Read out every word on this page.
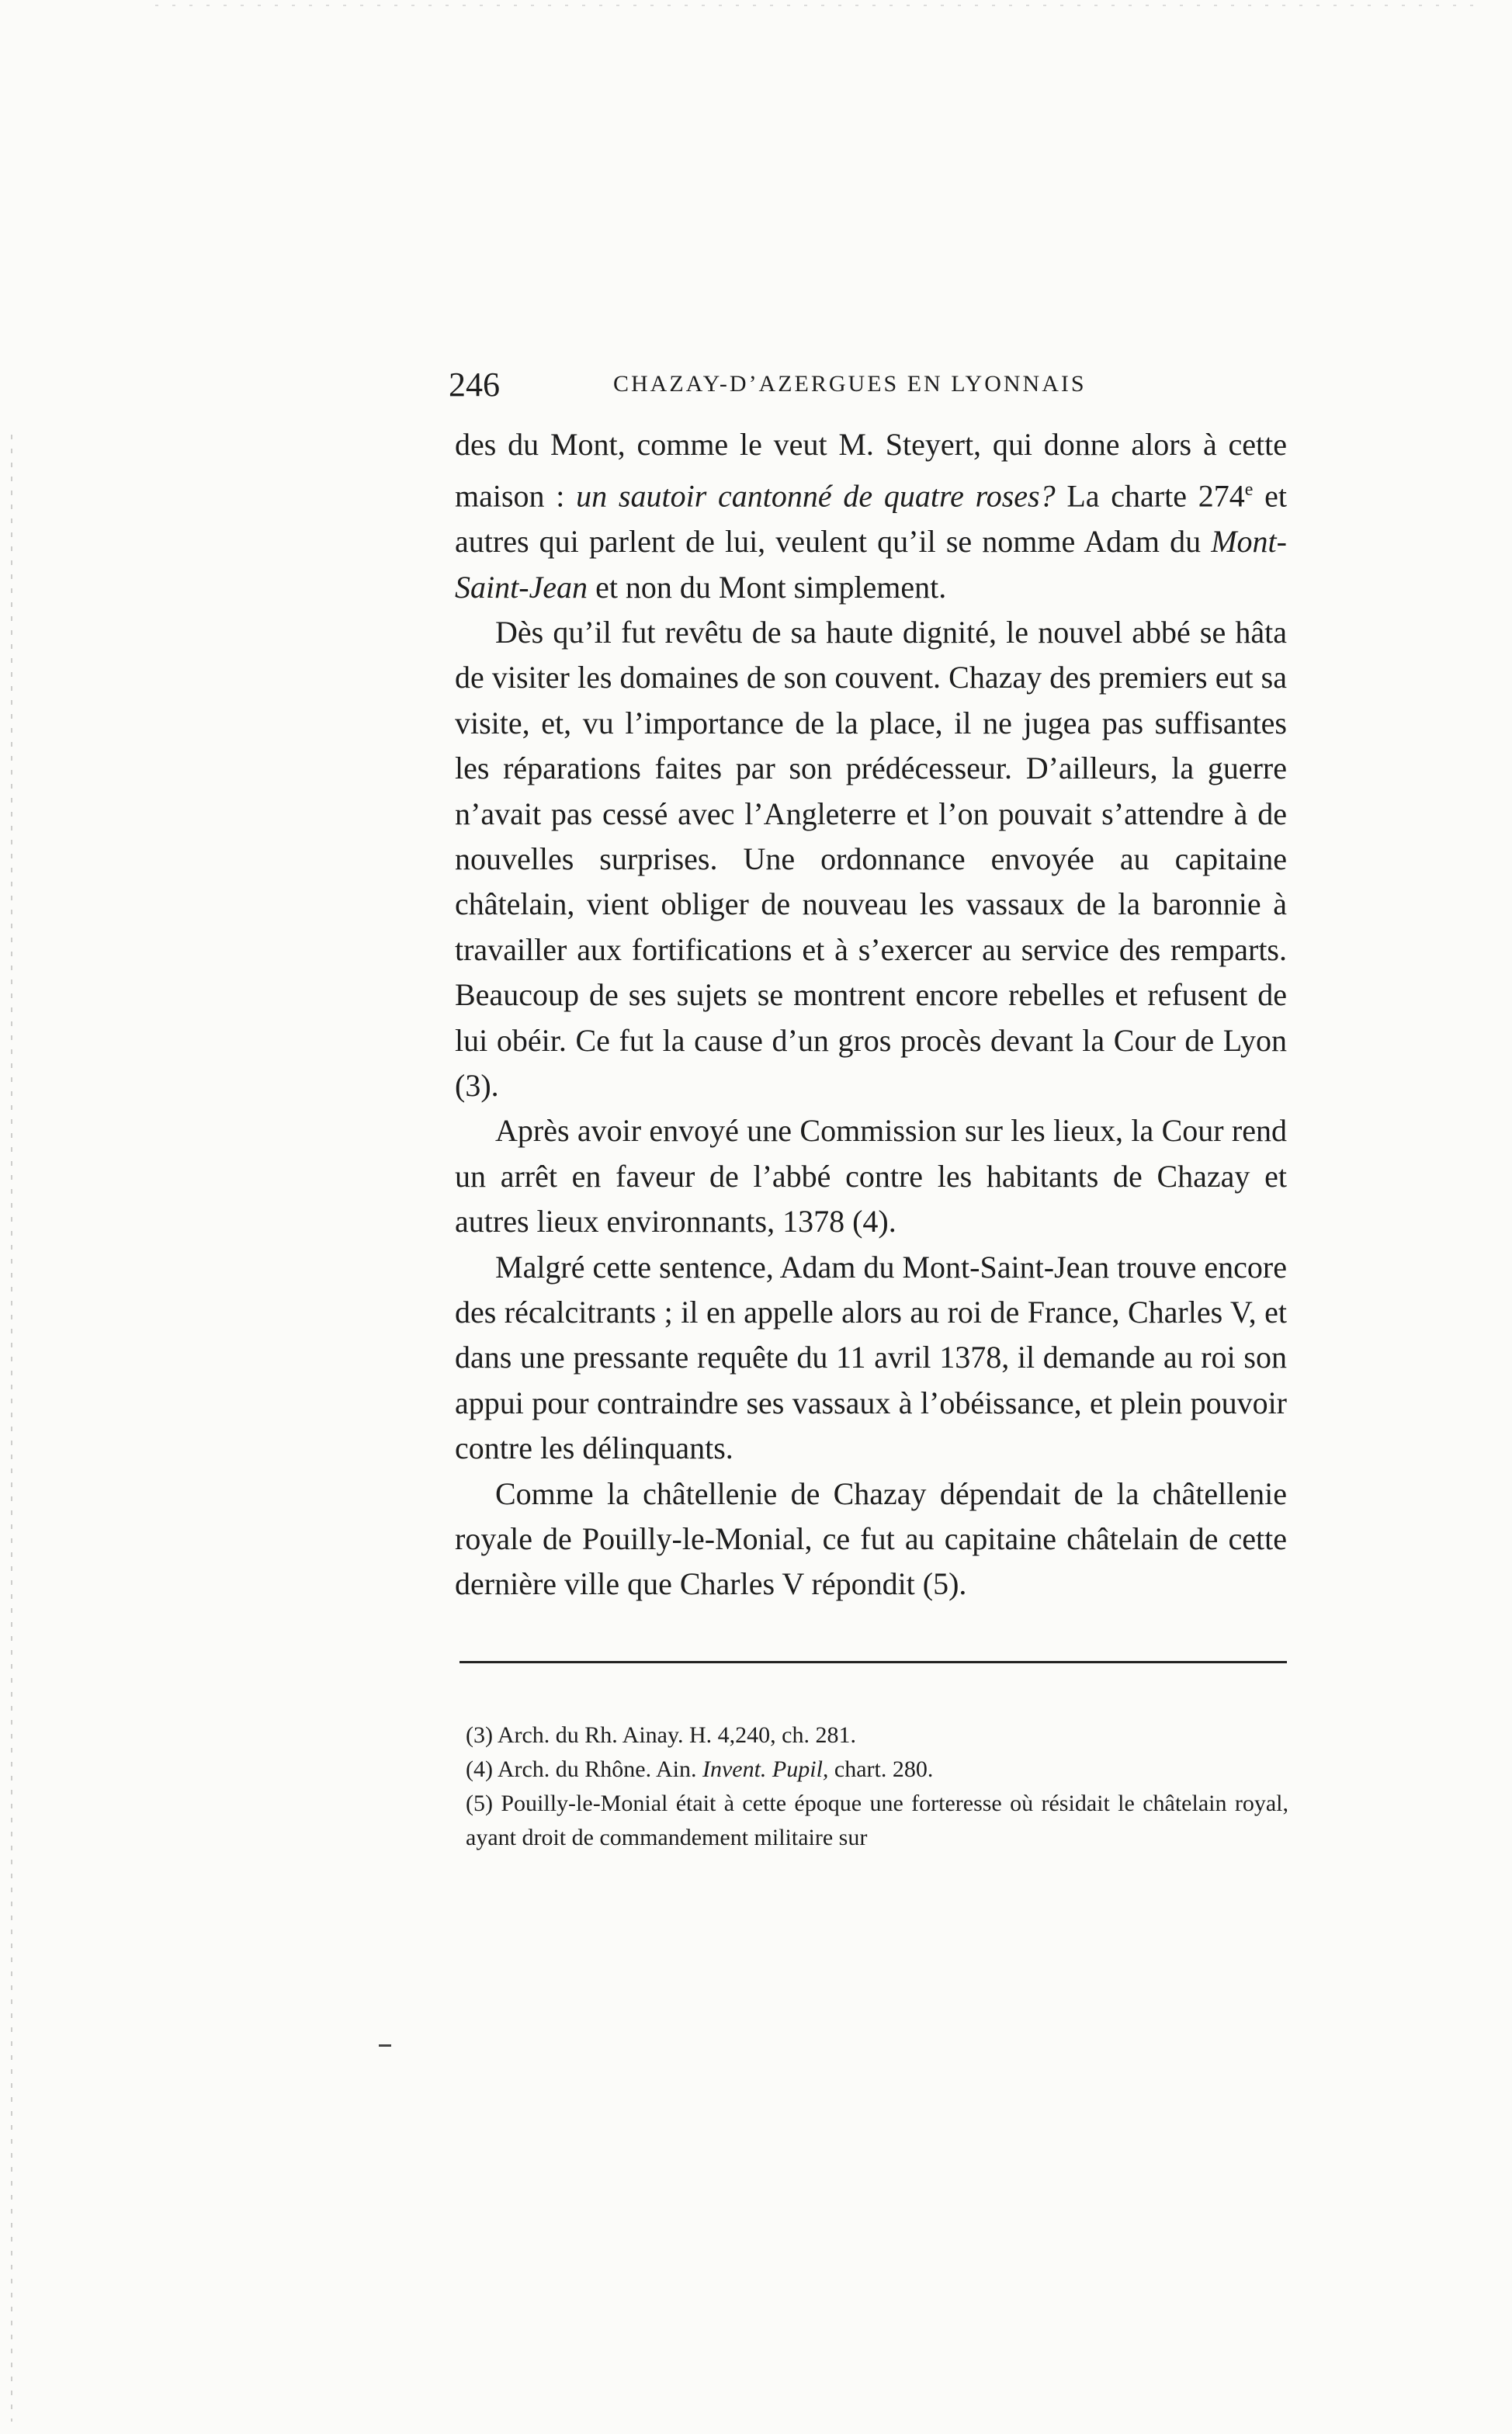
246	CHAZAY-D’AZERGUES EN LYONNAIS

des du Mont, comme le veut M. Steyert, qui donne alors à cette maison : un sautoir cantonné de quatre roses? La charte 274e et autres qui parlent de lui, veulent qu’il se nomme Adam du Mont-Saint-Jean et non du Mont simplement.

Dès qu’il fut revêtu de sa haute dignité, le nouvel abbé se hâta de visiter les domaines de son couvent. Chazay des premiers eut sa visite, et, vu l’importance de la place, il ne jugea pas suffisantes les réparations faites par son prédécesseur. D’ailleurs, la guerre n’avait pas cessé avec l’Angleterre et l’on pouvait s’attendre à de nouvelles surprises. Une ordonnance envoyée au capitaine châtelain, vient obliger de nouveau les vassaux de la baronnie à travailler aux fortifications et à s’exercer au service des remparts. Beaucoup de ses sujets se montrent encore rebelles et refusent de lui obéir. Ce fut la cause d’un gros procès devant la Cour de Lyon (3).

Après avoir envoyé une Commission sur les lieux, la Cour rend un arrêt en faveur de l’abbé contre les habitants de Chazay et autres lieux environnants, 1378 (4).

Malgré cette sentence, Adam du Mont-Saint-Jean trouve encore des récalcitrants ; il en appelle alors au roi de France, Charles V, et dans une pressante requête du 11 avril 1378, il demande au roi son appui pour contraindre ses vassaux à l’obéissance, et plein pouvoir contre les délinquants.

Comme la châtellenie de Chazay dépendait de la châtellenie royale de Pouilly-le-Monial, ce fut au capitaine châtelain de cette dernière ville que Charles V répondit (5).

(3) Arch. du Rh. Ainay. H. 4,240, ch. 281.

(4) Arch. du Rhône. Ain. Invent. Pupil, chart. 280.

(5) Pouilly-le-Monial était à cette époque une forteresse où résidait le châtelain royal, ayant droit de commandement militaire sur
